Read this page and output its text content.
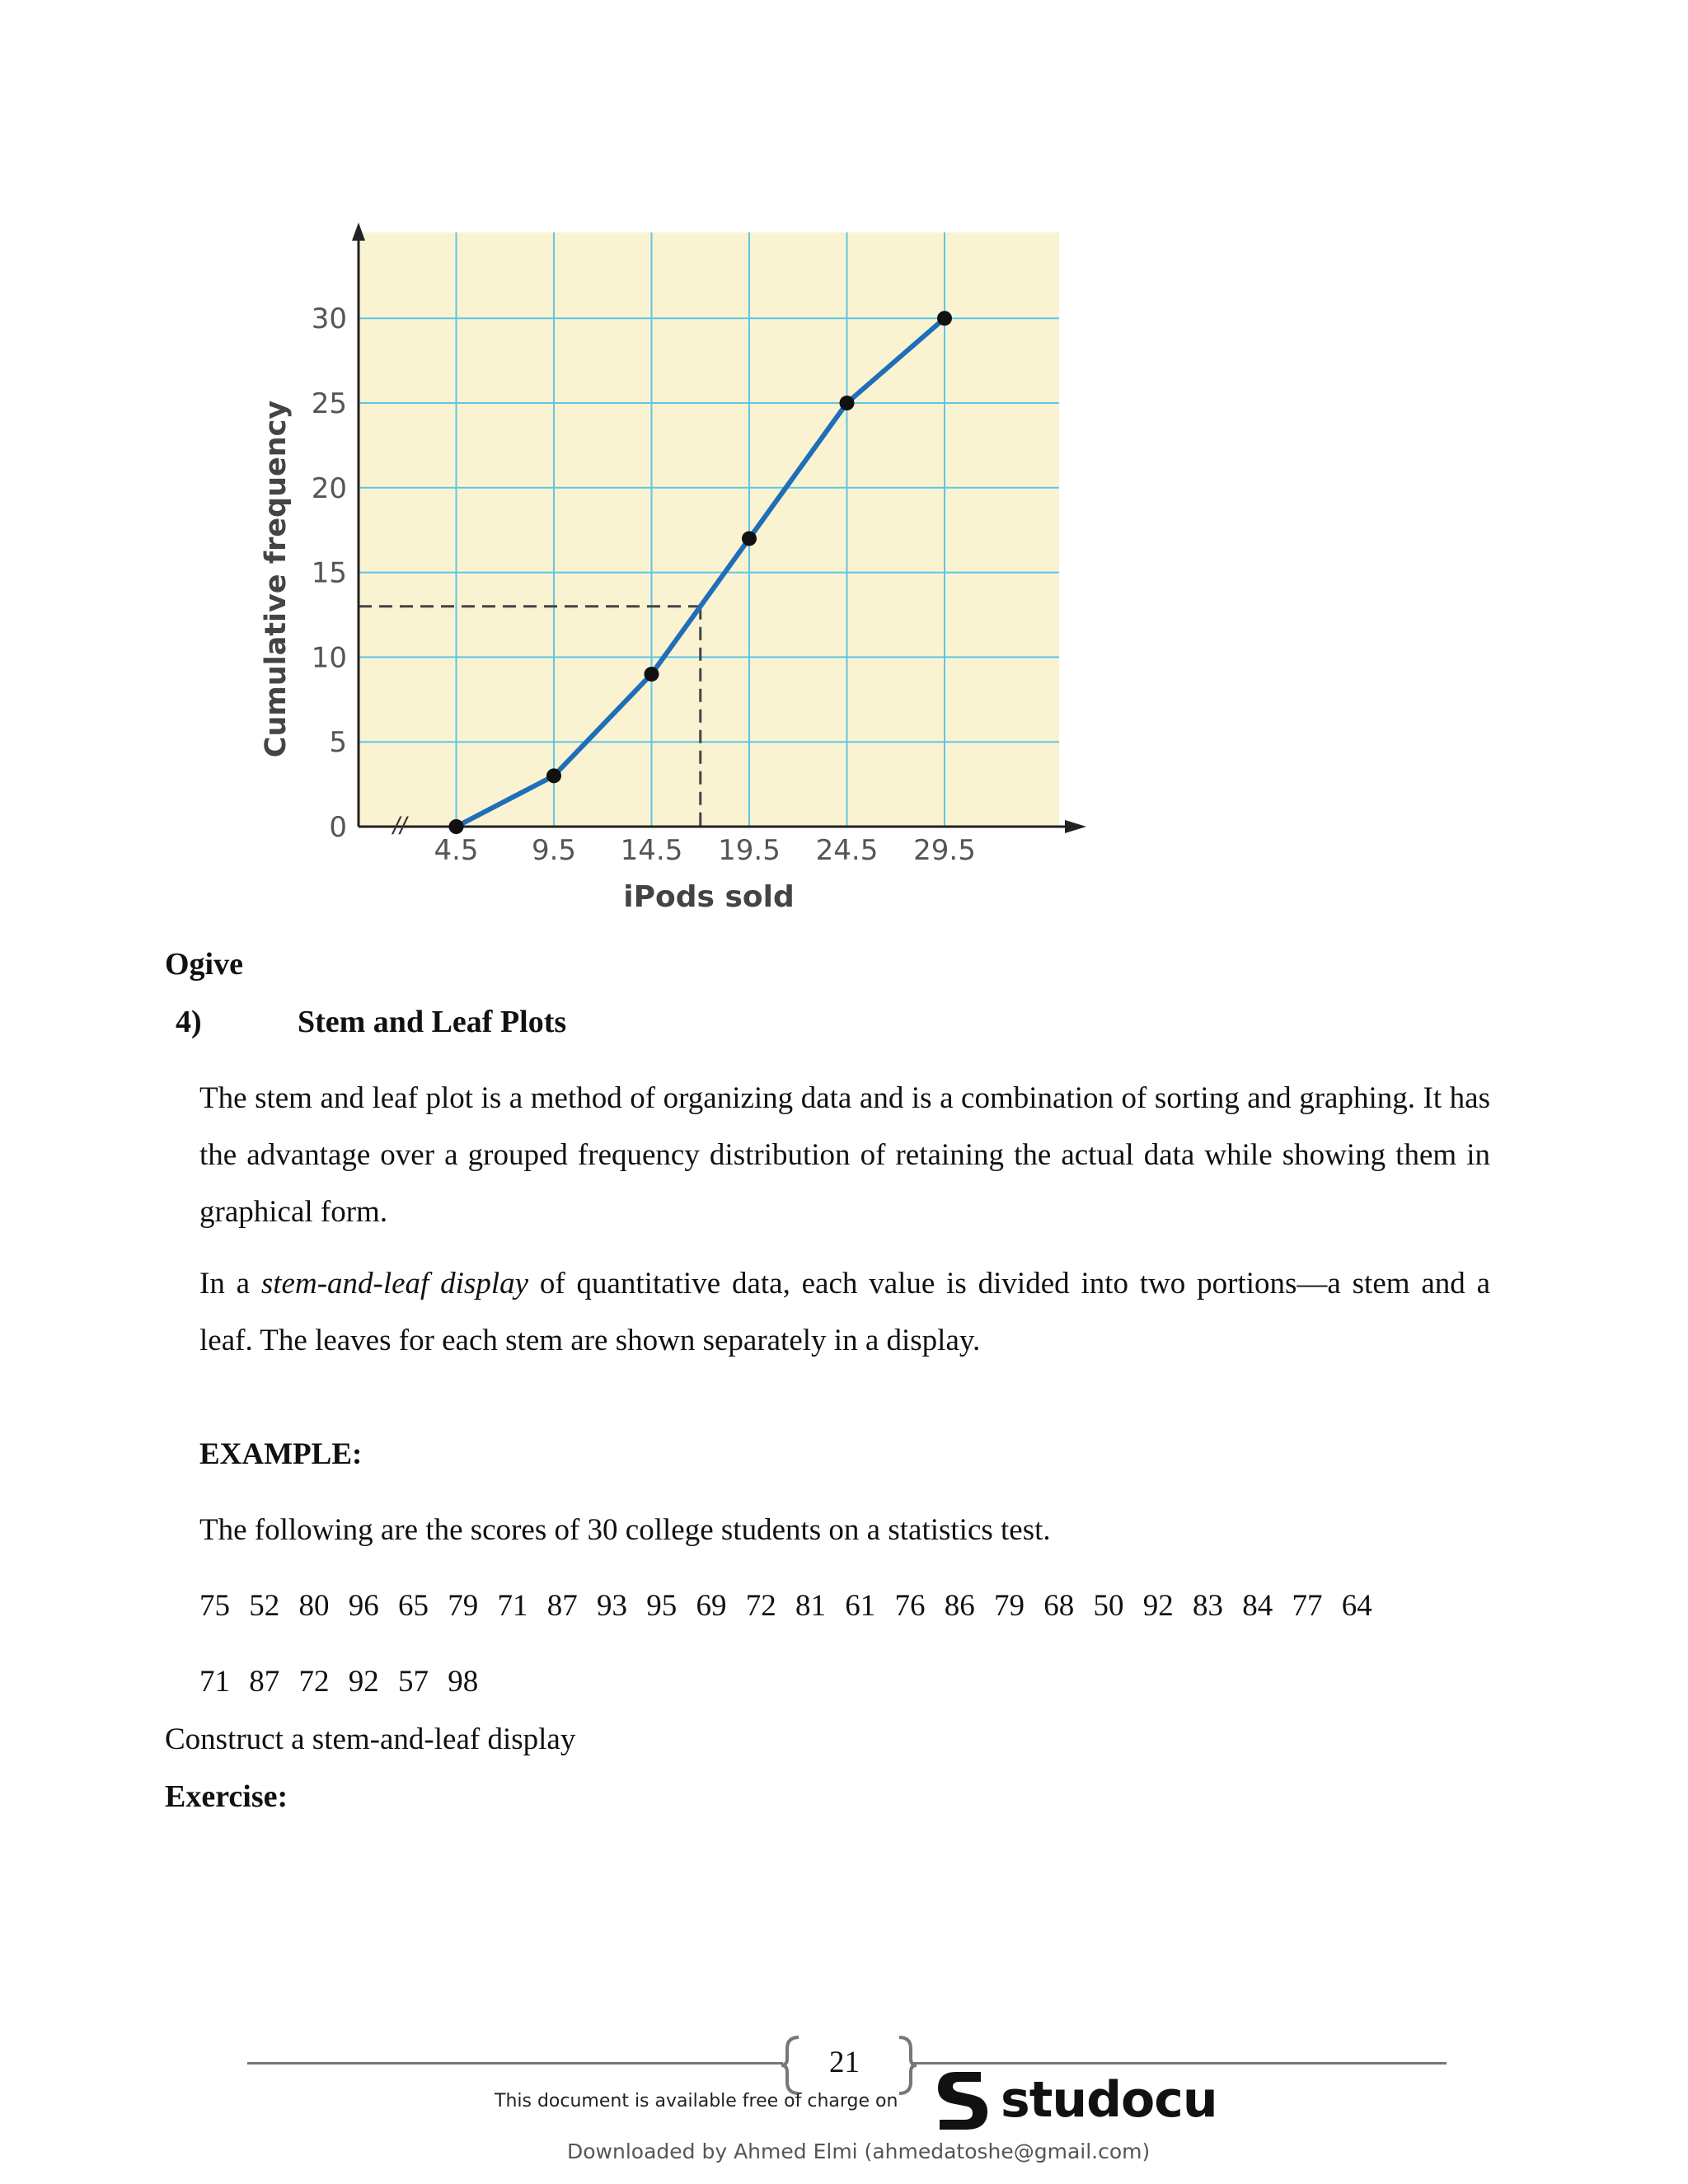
//
0
5
10
15
20
25
30
4.5 9.5 14.5 19.5 24.5 29.5
iPods sold
Cumulative frequency

Ogive

4)	Stem and Leaf Plots

The stem and leaf plot is a method of organizing data and is a combination of sorting and graphing. It has the advantage over a grouped frequency distribution of retaining the actual data while showing them in graphical form.

In a stem-and-leaf display of quantitative data, each value is divided into two portions—a stem and a leaf. The leaves for each stem are shown separately in a display.

EXAMPLE:

The following are the scores of 30 college students on a statistics test.

75 52 80 96 65 79 71 87 93 95 69 72 81 61 76 86 79 68 50 92 83 84 77 64

71 87 72 92 57 98

Construct a stem-and-leaf display

Exercise:

21

This document is available free of charge on studocu

Downloaded by Ahmed Elmi (ahmedatoshe@gmail.com)
